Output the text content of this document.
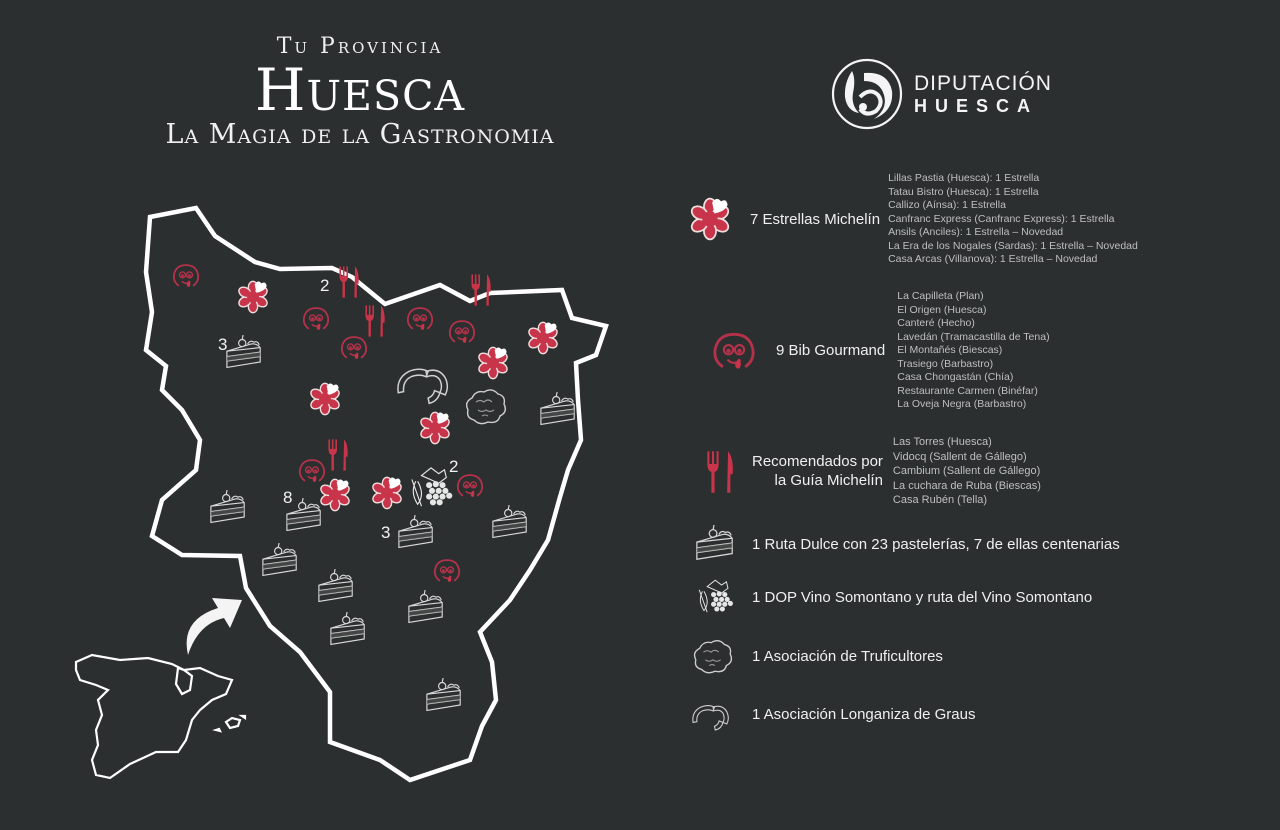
Tu Provincia
Huesca
La Magia de la Gastronomia
DIPUTACIÓN
HUESCA
2
3
8
3
2
7 Estrellas Michelín
Lillas Pastia (Huesca): 1 Estrella
Tatau Bistro (Huesca): 1 Estrella
Callizo (Aínsa): 1 Estrella
Canfranc Express (Canfranc Express): 1 Estrella
Ansils (Anciles): 1 Estrella – Novedad
La Era de los Nogales (Sardas): 1 Estrella – Novedad
Casa Arcas (Villanova): 1 Estrella – Novedad
9 Bib Gourmand
La Capilleta (Plan)
El Origen (Huesca)
Canteré (Hecho)
Lavedán (Tramacastilla de Tena)
El Montañés (Biescas)
Trasiego (Barbastro)
Casa Chongastán (Chía)
Restaurante Carmen (Binéfar)
La Oveja Negra (Barbastro)
Recomendados por
la Guía Michelín
Las Torres (Huesca)
Vidocq (Sallent de Gállego)
Cambium (Sallent de Gállego)
La cuchara de Ruba (Biescas)
Casa Rubén (Tella)
1 Ruta Dulce con 23 pastelerías, 7 de ellas centenarias
1 DOP Vino Somontano y ruta del Vino Somontano
1 Asociación de Truficultores
1 Asociación Longaniza de Graus
